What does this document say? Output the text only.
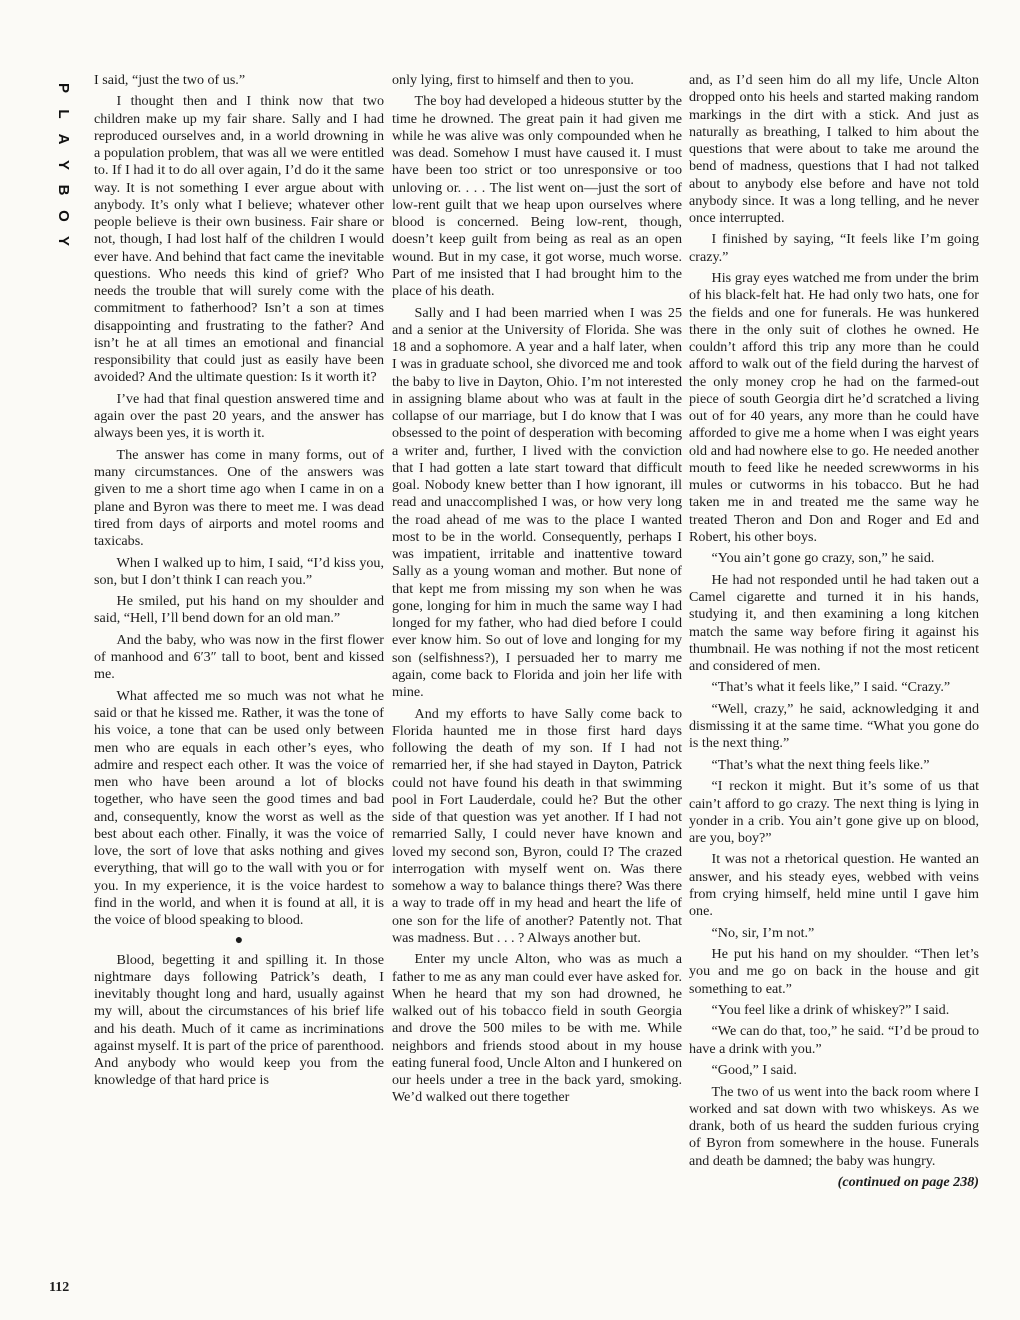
P
L
A
Y
B
O
Y
112

I said, “just the two of us.”

I thought then and I think now that two children make up my fair share. Sally and I had reproduced ourselves and, in a world drowning in a population problem, that was all we were entitled to. If I had it to do all over again, I’d do it the same way. It is not something I ever argue about with anybody. It’s only what I believe; whatever other people believe is their own business. Fair share or not, though, I had lost half of the children I would ever have. And behind that fact came the inevitable questions. Who needs this kind of grief? Who needs the trouble that will surely come with the commitment to fatherhood? Isn’t a son at times disappointing and frustrating to the father? And isn’t he at all times an emotional and financial responsibility that could just as easily have been avoided? And the ultimate question: Is it worth it?

I’ve had that final question answered time and again over the past 20 years, and the answer has always been yes, it is worth it.

The answer has come in many forms, out of many circumstances. One of the answers was given to me a short time ago when I came in on a plane and Byron was there to meet me. I was dead tired from days of airports and motel rooms and taxicabs.

When I walked up to him, I said, “I’d kiss you, son, but I don’t think I can reach you.”

He smiled, put his hand on my shoulder and said, “Hell, I’ll bend down for an old man.”

And the baby, who was now in the first flower of manhood and 6′3″ tall to boot, bent and kissed me.

What affected me so much was not what he said or that he kissed me. Rather, it was the tone of his voice, a tone that can be used only between men who are equals in each other’s eyes, who admire and respect each other. It was the voice of men who have been around a lot of blocks together, who have seen the good times and bad and, consequently, know the worst as well as the best about each other. Finally, it was the voice of love, the sort of love that asks nothing and gives everything, that will go to the wall with you or for you. In my experience, it is the voice hardest to find in the world, and when it is found at all, it is the voice of blood speaking to blood.

●

Blood, begetting it and spilling it. In those nightmare days following Patrick’s death, I inevitably thought long and hard, usually against my will, about the circumstances of his brief life and his death. Much of it came as incriminations against myself. It is part of the price of parenthood. And anybody who would keep you from the knowledge of that hard price is

only lying, first to himself and then to you.

The boy had developed a hideous stutter by the time he drowned. The great pain it had given me while he was alive was only compounded when he was dead. Somehow I must have caused it. I must have been too strict or too unresponsive or too unloving or. . . . The list went on—just the sort of low-rent guilt that we heap upon ourselves where blood is concerned. Being low-rent, though, doesn’t keep guilt from being as real as an open wound. But in my case, it got worse, much worse. Part of me insisted that I had brought him to the place of his death.

Sally and I had been married when I was 25 and a senior at the University of Florida. She was 18 and a sophomore. A year and a half later, when I was in graduate school, she divorced me and took the baby to live in Dayton, Ohio. I’m not interested in assigning blame about who was at fault in the collapse of our marriage, but I do know that I was obsessed to the point of desperation with becoming a writer and, further, I lived with the conviction that I had gotten a late start toward that difficult goal. Nobody knew better than I how ignorant, ill read and unaccomplished I was, or how very long the road ahead of me was to the place I wanted most to be in the world. Consequently, perhaps I was impatient, irritable and inattentive toward Sally as a young woman and mother. But none of that kept me from missing my son when he was gone, longing for him in much the same way I had longed for my father, who had died before I could ever know him. So out of love and longing for my son (selfishness?), I persuaded her to marry me again, come back to Florida and join her life with mine.

And my efforts to have Sally come back to Florida haunted me in those first hard days following the death of my son. If I had not remarried her, if she had stayed in Dayton, Patrick could not have found his death in that swimming pool in Fort Lauderdale, could he? But the other side of that question was yet another. If I had not remarried Sally, I could never have known and loved my second son, Byron, could I? The crazed interrogation with myself went on. Was there somehow a way to balance things there? Was there a way to trade off in my head and heart the life of one son for the life of another? Patently not. That was madness. But . . . ? Always another but.

Enter my uncle Alton, who was as much a father to me as any man could ever have asked for. When he heard that my son had drowned, he walked out of his tobacco field in south Georgia and drove the 500 miles to be with me. While neighbors and friends stood about in my house eating funeral food, Uncle Alton and I hunkered on our heels under a tree in the back yard, smoking. We’d walked out there together

and, as I’d seen him do all my life, Uncle Alton dropped onto his heels and started making random markings in the dirt with a stick. And just as naturally as breathing, I talked to him about the questions that were about to take me around the bend of madness, questions that I had not talked about to anybody else before and have not told anybody since. It was a long telling, and he never once interrupted.

I finished by saying, “It feels like I’m going crazy.”

His gray eyes watched me from under the brim of his black-felt hat. He had only two hats, one for the fields and one for funerals. He was hunkered there in the only suit of clothes he owned. He couldn’t afford this trip any more than he could afford to walk out of the field during the harvest of the only money crop he had on the farmed-out piece of south Georgia dirt he’d scratched a living out of for 40 years, any more than he could have afforded to give me a home when I was eight years old and had nowhere else to go. He needed another mouth to feed like he needed screwworms in his mules or cutworms in his tobacco. But he had taken me in and treated me the same way he treated Theron and Don and Roger and Ed and Robert, his other boys.

“You ain’t gone go crazy, son,” he said.

He had not responded until he had taken out a Camel cigarette and turned it in his hands, studying it, and then examining a long kitchen match the same way before firing it against his thumbnail. He was nothing if not the most reticent and considered of men.

“That’s what it feels like,” I said. “Crazy.”

“Well, crazy,” he said, acknowledging it and dismissing it at the same time. “What you gone do is the next thing.”

“That’s what the next thing feels like.”

“I reckon it might. But it’s some of us that cain’t afford to go crazy. The next thing is lying in yonder in a crib. You ain’t gone give up on blood, are you, boy?”

It was not a rhetorical question. He wanted an answer, and his steady eyes, webbed with veins from crying himself, held mine until I gave him one.

“No, sir, I’m not.”

He put his hand on my shoulder. “Then let’s you and me go on back in the house and git something to eat.”

“You feel like a drink of whiskey?” I said.

“We can do that, too,” he said. “I’d be proud to have a drink with you.”

“Good,” I said.

The two of us went into the back room where I worked and sat down with two whiskeys. As we drank, both of us heard the sudden furious crying of Byron from somewhere in the house. Funerals and death be damned; the baby was hungry.

(continued on page 238)
